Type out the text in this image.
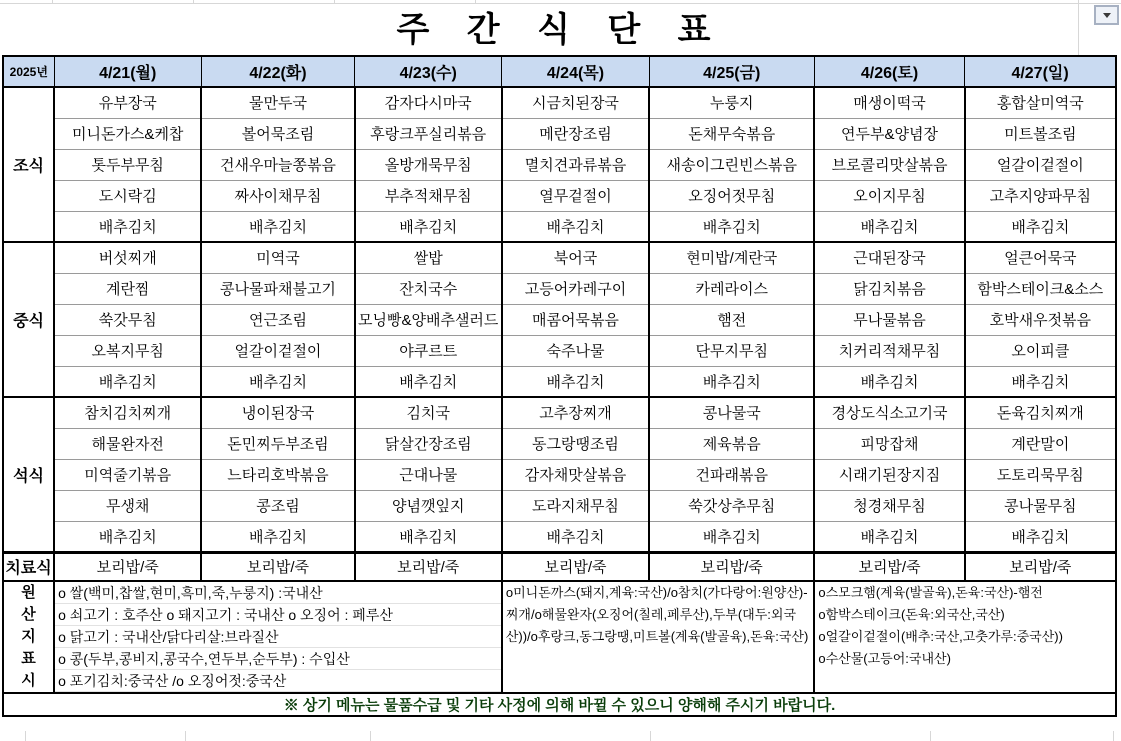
주 간 식 단 표
2025년	4/21(월)	4/22(화)	4/23(수)	4/24(목)	4/25(금)	4/26(토)	4/27(일)
조식	유부장국	물만두국	감자다시마국	시금치된장국	누룽지	매생이떡국	홍합살미역국
	미니돈가스&케찹	볼어묵조림	후랑크푸실리볶음	메란장조림	돈채무숙볶음	연두부&양념장	미트볼조림
	톳두부무침	건새우마늘쫑볶음	올방개묵무침	멸치견과류볶음	새송이그린빈스볶음	브로콜리맛살볶음	얼갈이겉절이
	도시락김	짜사이채무침	부추적채무침	열무겉절이	오징어젓무침	오이지무침	고추지양파무침
	배추김치	배추김치	배추김치	배추김치	배추김치	배추김치	배추김치
중식	버섯찌개	미역국	쌀밥	북어국	현미밥/계란국	근대된장국	얼큰어묵국
	계란찜	콩나물파채불고기	잔치국수	고등어카레구이	카레라이스	닭김치볶음	함박스테이크&소스
	쑥갓무침	연근조림	모닝빵&양배추샐러드	매콤어묵볶음	햄전	무나물볶음	호박새우젓볶음
	오복지무침	얼갈이겉절이	야쿠르트	숙주나물	단무지무침	치커리적채무침	오이피클
	배추김치	배추김치	배추김치	배추김치	배추김치	배추김치	배추김치
석식	참치김치찌개	냉이된장국	김치국	고추장찌개	콩나물국	경상도식소고기국	돈육김치찌개
	해물완자전	돈민찌두부조림	닭살간장조림	동그랑땡조림	제육볶음	피망잡채	계란말이
	미역줄기볶음	느타리호박볶음	근대나물	감자채맛살볶음	건파래볶음	시래기된장지짐	도토리묵무침
	무생채	콩조림	양념깻잎지	도라지채무침	쑥갓상추무침	청경채무침	콩나물무침
	배추김치	배추김치	배추김치	배추김치	배추김치	배추김치	배추김치
치료식	보리밥/죽	보리밥/죽	보리밥/죽	보리밥/죽	보리밥/죽	보리밥/죽	보리밥/죽

원
산
지
표
시

o 쌀(백미,찹쌀,현미,흑미,죽,누룽지) :국내산
o 쇠고기 : 호주산 o 돼지고기 : 국내산 o 오징어 : 페루산
o 닭고기 : 국내산/닭다리살:브라질산
o 콩(두부,콩비지,콩국수,연두부,순두부) : 수입산
o 포기김치:중국산 /o 오징어젓:중국산
	o미니돈까스(돼지,계육:국산)/o참치(가다랑어:원양산)-찌개/o해물완자(오징어(칠레,페루산),두부(대두:외국산))/o후랑크,동그랑땡,미트볼(계육(발골육),돈육:국산)	
o스모크햄(계육(발골육),돈육:국산)-햄전
o함박스테이크(돈육:외국산,국산)
o얼갈이겉절이(배추:국산,고춧가루:중국산))
o수산물(고등어:국내산)

※ 상기 메뉴는 물품수급 및 기타 사정에 의해 바뀔 수 있으니 양해해 주시기 바랍니다.							
